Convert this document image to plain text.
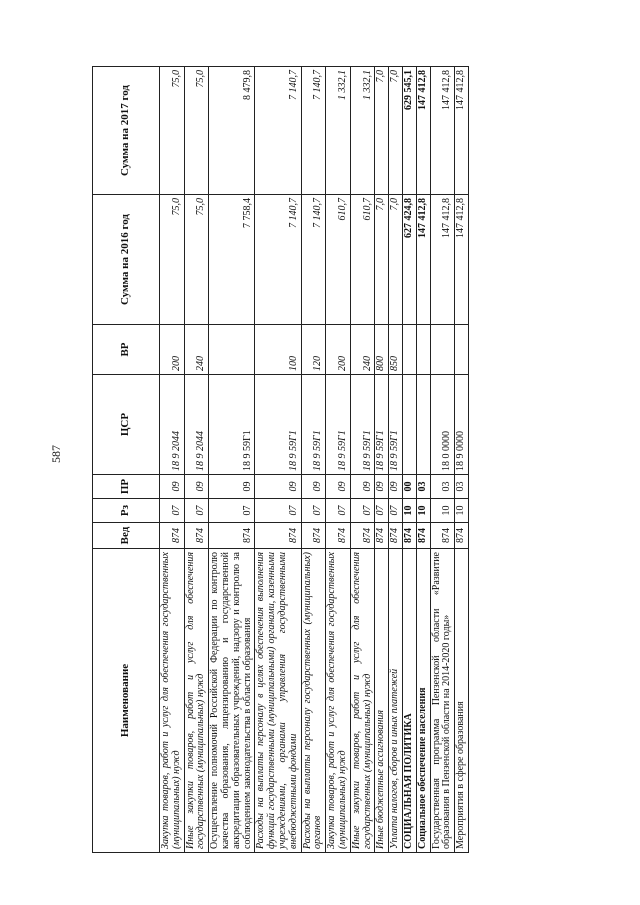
587
Наименование	Вед	Рз	ПР	ЦСР	ВР	Сумма на 2016 год	Сумма на 2017 год
Закупка товаров, работ и услуг для обеспечения государственных (муниципальных) нужд	874	07	09	18 9 2044	200	75,0	75,0
Иные закупки товаров, работ и услуг для обеспечения государственных (муниципальных) нужд	874	07	09	18 9 2044	240	75,0	75,0
Осуществление полномочий Российской Федерации по контролю качества образования, лицензированию и государственной аккредитации образовательных учреждений, надзору и контролю за соблюдением законодательства в области образования	874	07	09	18 9 59Г1		7 758,4	8 479,8
Расходы на выплаты персоналу в целях обеспечения выполнения функций государственными (муниципальными) органами, казенными учреждениями, органами управления государственными внебюджетными фондами	874	07	09	18 9 59Г1	100	7 140,7	7 140,7
Расходы на выплаты персоналу государственных (муниципальных) органов	874	07	09	18 9 59Г1	120	7 140,7	7 140,7
Закупка товаров, работ и услуг для обеспечения государственных (муниципальных) нужд	874	07	09	18 9 59Г1	200	610,7	1 332,1
Иные закупки товаров, работ и услуг для обеспечения государственных (муниципальных) нужд	874	07	09	18 9 59Г1	240	610,7	1 332,1
Иные бюджетные ассигнования	874	07	09	18 9 59Г1	800	7,0	7,0
Уплата налогов, сборов и иных платежей	874	07	09	18 9 59Г1	850	7,0	7,0
СОЦИАЛЬНАЯ ПОЛИТИКА	874	10	00			627 424,8	629 545,1
Социальное обеспечение населения	874	10	03			147 412,8	147 412,8
Государственная программа Пензенской области «Развитие образования в Пензенской области на 2014-2020 годы»	874	10	03	18 0 0000		147 412,8	147 412,8
Мероприятия в сфере образования	874	10	03	18 9 0000		147 412,8	147 412,8
